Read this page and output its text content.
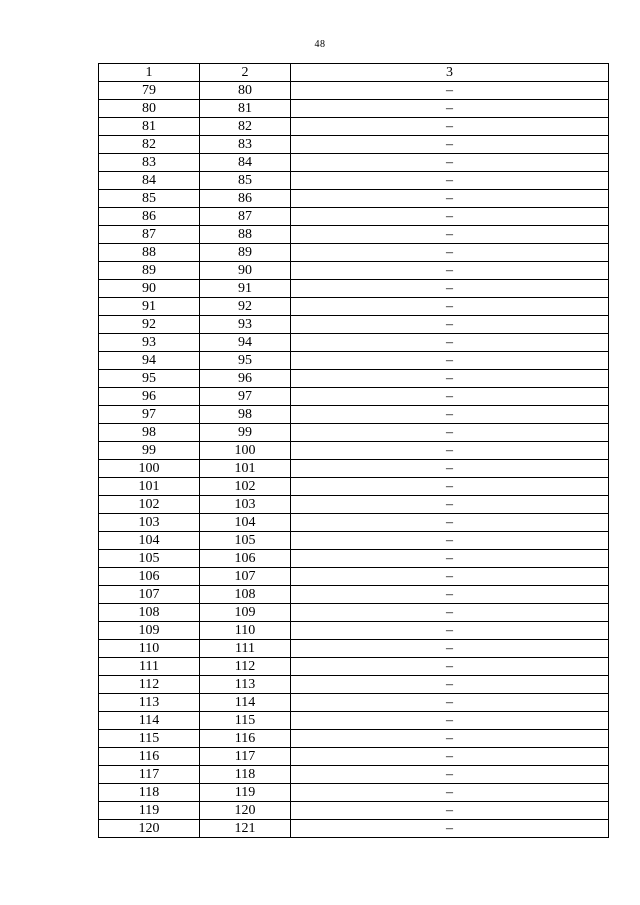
48
1	2	3
79	80	–
80	81	–
81	82	–
82	83	–
83	84	–
84	85	–
85	86	–
86	87	–
87	88	–
88	89	–
89	90	–
90	91	–
91	92	–
92	93	–
93	94	–
94	95	–
95	96	–
96	97	–
97	98	–
98	99	–
99	100	–
100	101	–
101	102	–
102	103	–
103	104	–
104	105	–
105	106	–
106	107	–
107	108	–
108	109	–
109	110	–
110	111	–
111	112	–
112	113	–
113	114	–
114	115	–
115	116	–
116	117	–
117	118	–
118	119	–
119	120	–
120	121	–
